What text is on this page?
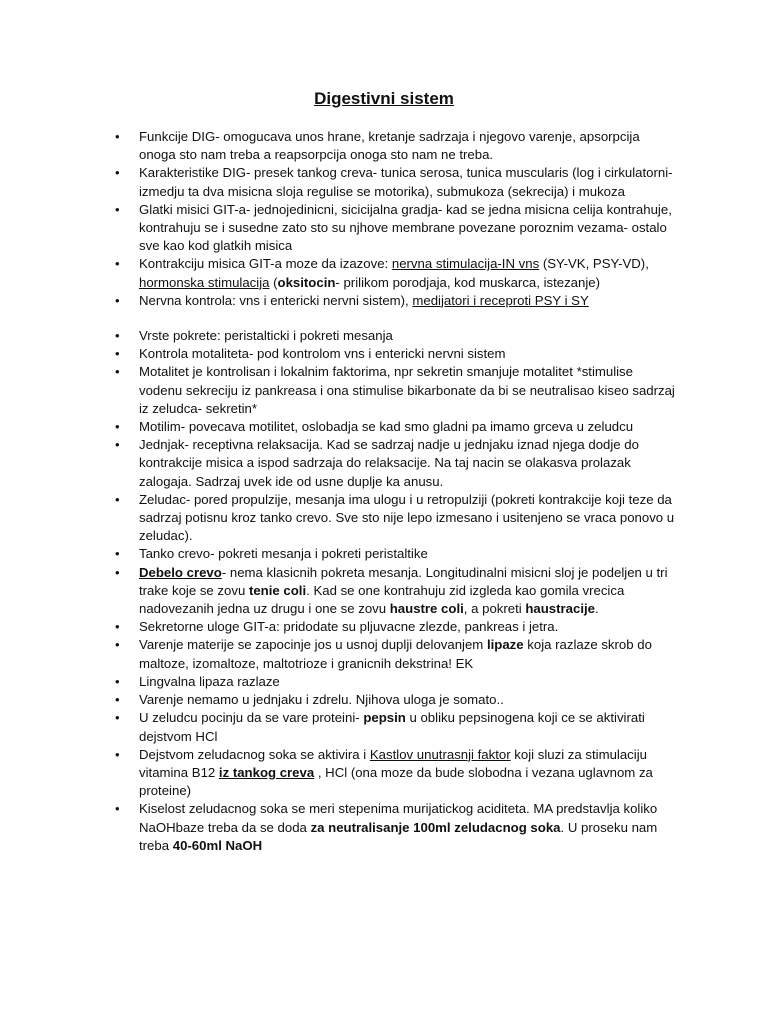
Digestivni sistem
• Funkcije DIG- omogucava unos hrane, kretanje sadrzaja i njegovo varenje, apsorpcija onoga sto nam treba a reapsorpcija onoga sto nam ne treba.
• Karakteristike DIG- presek tankog creva- tunica serosa, tunica muscularis (log i cirkulatorni- izmedju ta dva misicna sloja regulise se motorika), submukoza (sekrecija) i mukoza
• Glatki misici GIT-a- jednojedinicni, sicicijalna gradja- kad se jedna misicna celija kontrahuje, kontrahuju se i susedne zato sto su njhove membrane povezane poroznim vezama- ostalo sve kao kod glatkih misica
• Kontrakciju misica GIT-a moze da izazove: nervna stimulacija-IN vns (SY-VK, PSY-VD), hormonska stimulacija (oksitocin- prilikom porodjaja, kod muskarca, istezanje)
• Nervna kontrola: vns i entericki nervni sistem), medijatori i receproti PSY i SY
• Vrste pokrete: peristalticki i pokreti mesanja
• Kontrola motaliteta- pod kontrolom vns i entericki nervni sistem
• Motalitet je kontrolisan i lokalnim faktorima, npr sekretin smanjuje motalitet *stimulise vodenu sekreciju iz pankreasa i ona stimulise bikarbonate da bi se neutralisao kiseo sadrzaj iz zeludca- sekretin*
• Motilim- povecava motilitet, oslobadja se kad smo gladni pa imamo grceva u zeludcu
• Jednjak- receptivna relaksacija. Kad se sadrzaj nadje u jednjaku iznad njega dodje do kontrakcije misica a ispod sadrzaja do relaksacije. Na taj nacin se olakasva prolazak zalogaja. Sadrzaj uvek ide od usne duplje ka anusu.
• Zeludac- pored propulzije, mesanja ima ulogu i u retropulziji (pokreti kontrakcije koji teze da sadrzaj potisnu kroz tanko crevo. Sve sto nije lepo izmesano i usitenjeno se vraca ponovo u zeludac).
• Tanko crevo- pokreti mesanja i pokreti peristaltike
• Debelo crevo- nema klasicnih pokreta mesanja. Longitudinalni misicni sloj je podeljen u tri trake koje se zovu tenie coli. Kad se one kontrahuju zid izgleda kao gomila vrecica nadovezanih jedna uz drugu i one se zovu haustre coli, a pokreti haustracije.
• Sekretorne uloge GIT-a: pridodate su pljuvacne zlezde, pankreas i jetra.
• Varenje materije se zapocinje jos u usnoj duplji delovanjem lipaze koja razlaze skrob do maltoze, izomaltoze, maltotrioze i granicnih dekstrina! EK
• Lingvalna lipaza razlaze
• Varenje nemamo u jednjaku i zdrelu. Njihova uloga je somato..
• U zeludcu pocinju da se vare proteini- pepsin u obliku pepsinogena koji ce se aktivirati dejstvom HCl
• Dejstvom zeludacnog soka se aktivira i Kastlov unutrasnji faktor koji sluzi za stimulaciju vitamina B12 iz tankog creva , HCl (ona moze da bude slobodna i vezana uglavnom za proteine)
• Kiselost zeludacnog soka se meri stepenima murijatickog aciditeta. MA predstavlja koliko NaOHbaze treba da se doda za neutralisanje 100ml zeludacnog soka. U proseku nam treba 40-60ml NaOH
